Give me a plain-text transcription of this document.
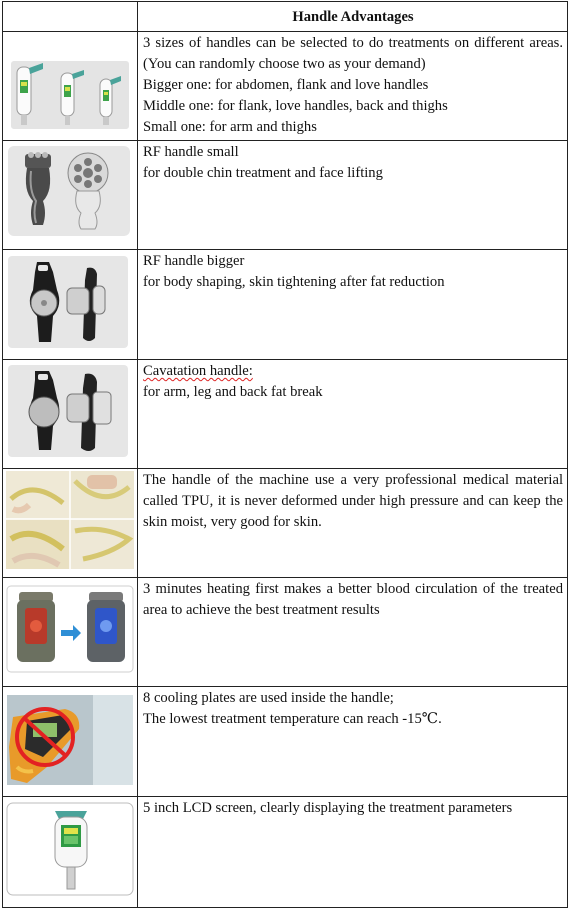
	Handle Advantages

3 sizes of handles can be selected to do treatments on different areas. (You can randomly choose two as your demand)
Bigger one: for abdomen, flank and love handles
Middle one: for flank, love handles, back and thighs
Small one: for arm and thighs

RF handle small
for double chin treatment and face lifting

RF handle bigger
for body shaping, skin tightening after fat reduction

Cavatation handle:
for arm, leg and back fat break

The handle of the machine use a very professional medical material called TPU, it is never deformed under high pressure and can keep the skin moist, very good for skin.

3 minutes heating first makes a better blood circulation of the treated area to achieve the best treatment results

8 cooling plates are used inside the handle;
The lowest treatment temperature can reach -15℃.

5 inch LCD screen, clearly displaying the treatment parameters
